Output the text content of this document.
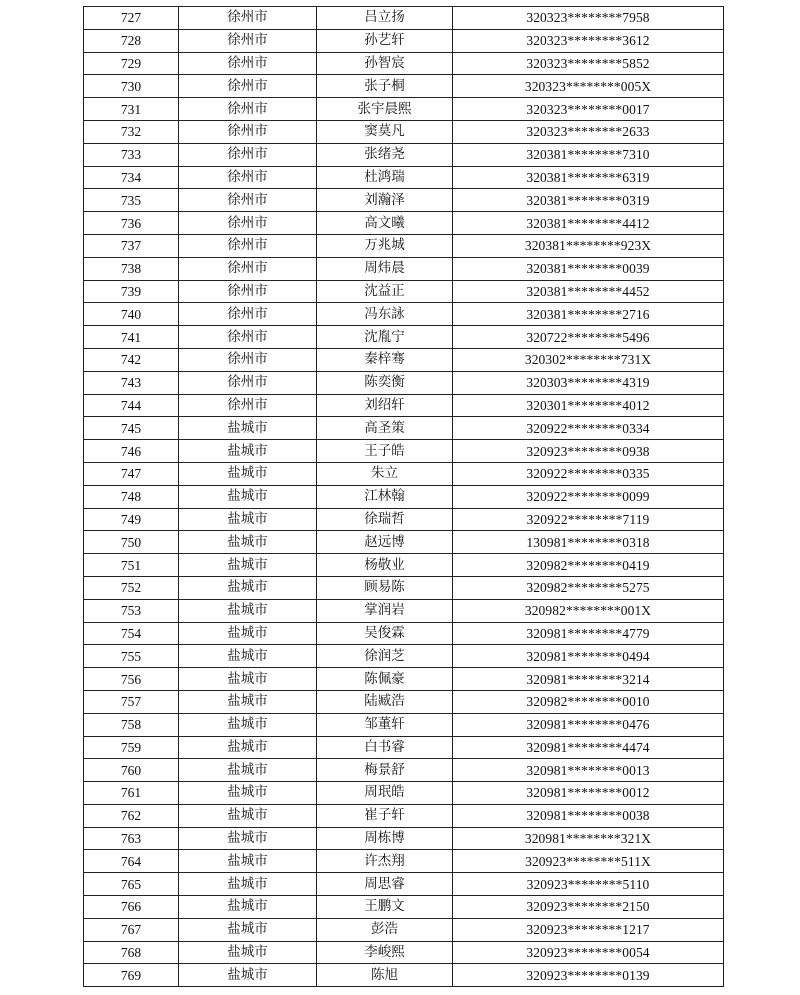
727	徐州市	吕立扬	320323********7958
728	徐州市	孙艺轩	320323********3612
729	徐州市	孙智宸	320323********5852
730	徐州市	张子桐	320323********005X
731	徐州市	张宇晨熙	320323********0017
732	徐州市	窦莫凡	320323********2633
733	徐州市	张绪尧	320381********7310
734	徐州市	杜鸿瑞	320381********6319
735	徐州市	刘瀚泽	320381********0319
736	徐州市	高文曦	320381********4412
737	徐州市	万兆城	320381********923X
738	徐州市	周炜晨	320381********0039
739	徐州市	沈益正	320381********4452
740	徐州市	冯东詠	320381********2716
741	徐州市	沈胤宁	320722********5496
742	徐州市	秦梓骞	320302********731X
743	徐州市	陈奕衡	320303********4319
744	徐州市	刘绍轩	320301********4012
745	盐城市	高圣策	320922********0334
746	盐城市	王子皓	320923********0938
747	盐城市	朱立	320922********0335
748	盐城市	江林翰	320922********0099
749	盐城市	徐瑞哲	320922********7119
750	盐城市	赵远博	130981********0318
751	盐城市	杨敬业	320982********0419
752	盐城市	顾易陈	320982********5275
753	盐城市	掌润岩	320982********001X
754	盐城市	吴俊霖	320981********4779
755	盐城市	徐润芝	320981********0494
756	盐城市	陈佩豪	320981********3214
757	盐城市	陆臧浩	320982********0010
758	盐城市	邹董轩	320981********0476
759	盐城市	白书睿	320981********4474
760	盐城市	梅景舒	320981********0013
761	盐城市	周珉皓	320981********0012
762	盐城市	崔子轩	320981********0038
763	盐城市	周栋博	320981********321X
764	盐城市	许杰翔	320923********511X
765	盐城市	周思睿	320923********5110
766	盐城市	王鹏文	320923********2150
767	盐城市	彭浩	320923********1217
768	盐城市	李峻熙	320923********0054
769	盐城市	陈旭	320923********0139
